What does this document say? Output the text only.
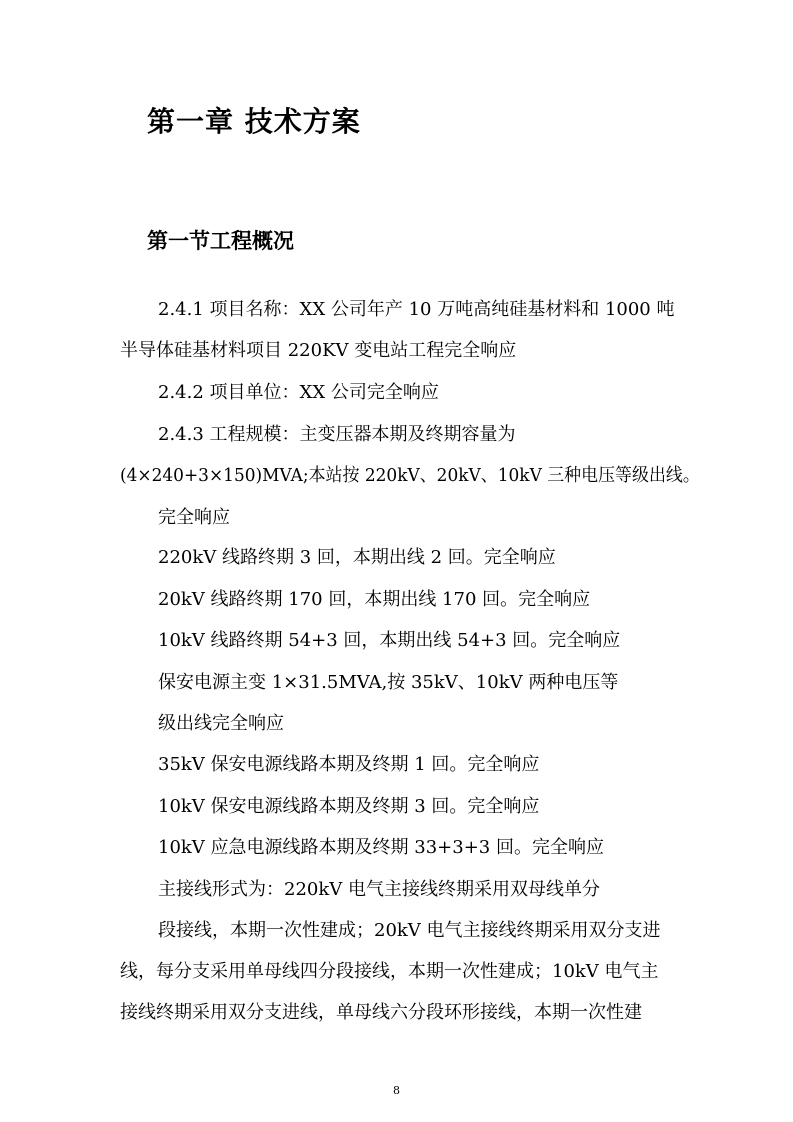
第一章 技术方案
第一节工程概况
2.4.1 项目名称：XX 公司年产 10 万吨高纯硅基材料和 1000 吨
半导体硅基材料项目 220KV 变电站工程完全响应
2.4.2 项目单位：XX 公司完全响应
2.4.3 工程规模：主变压器本期及终期容量为
(4×240+3×150)MVA;本站按 220kV、20kV、10kV 三种电压等级出线。
完全响应
220kV 线路终期 3 回，本期出线 2 回。完全响应
20kV 线路终期 170 回，本期出线 170 回。完全响应
10kV 线路终期 54+3 回，本期出线 54+3 回。完全响应
保安电源主变 1×31.5MVA,按 35kV、10kV 两种电压等
级出线完全响应
35kV 保安电源线路本期及终期 1 回。完全响应
10kV 保安电源线路本期及终期 3 回。完全响应
10kV 应急电源线路本期及终期 33+3+3 回。完全响应
主接线形式为：220kV 电气主接线终期采用双母线单分
段接线，本期一次性建成；20kV 电气主接线终期采用双分支进
线，每分支采用单母线四分段接线，本期一次性建成；10kV 电气主
接线终期采用双分支进线，单母线六分段环形接线，本期一次性建
8
